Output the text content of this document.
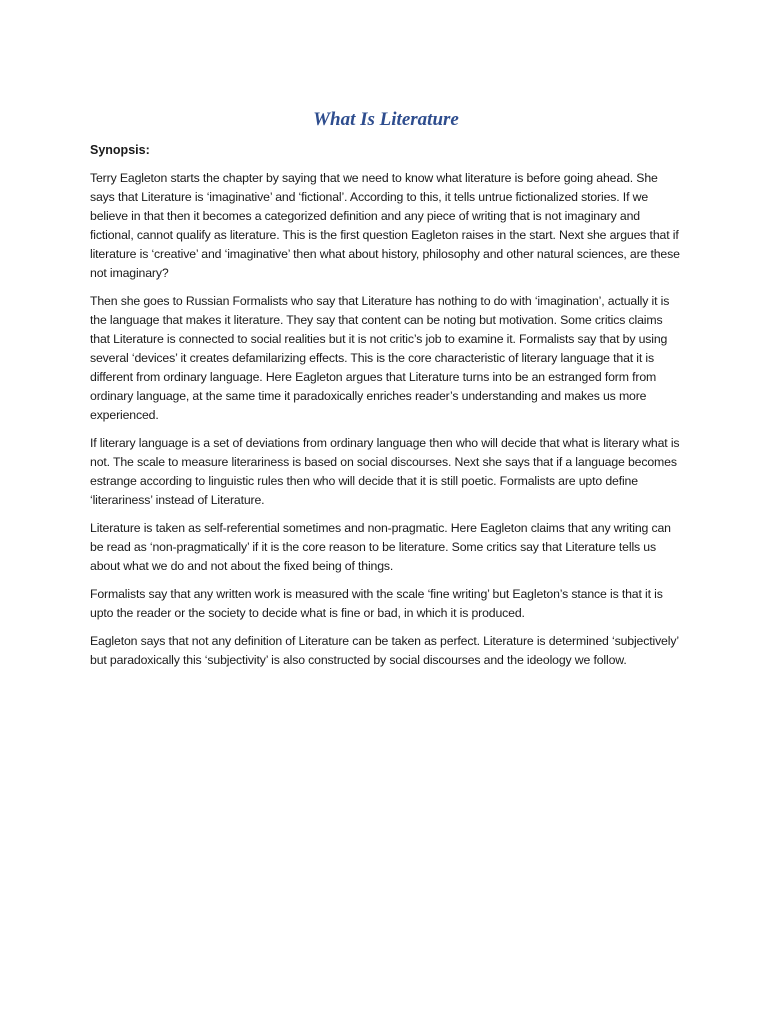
What Is Literature
Synopsis:

Terry Eagleton starts the chapter by saying that we need to know what literature is before going ahead. She says that Literature is ‘imaginative’ and ‘fictional’. According to this, it tells untrue fictionalized stories. If we believe in that then it becomes a categorized definition and any piece of writing that is not imaginary and fictional, cannot qualify as literature. This is the first question Eagleton raises in the start. Next she argues that if literature is ‘creative’ and ‘imaginative’ then what about history, philosophy and other natural sciences, are these not imaginary?

Then she goes to Russian Formalists who say that Literature has nothing to do with ‘imagination’, actually it is the language that makes it literature. They say that content can be noting but motivation. Some critics claims that Literature is connected to social realities but it is not critic’s job to examine it. Formalists say that by using several ‘devices’ it creates defamilarizing effects. This is the core characteristic of literary language that it is different from ordinary language. Here Eagleton argues that Literature turns into be an estranged form from ordinary language, at the same time it paradoxically enriches reader’s understanding and makes us more experienced.

If literary language is a set of deviations from ordinary language then who will decide that what is literary what is not. The scale to measure literariness is based on social discourses. Next she says that if a language becomes estrange according to linguistic rules then who will decide that it is still poetic. Formalists are upto define ‘literariness’ instead of Literature.

Literature is taken as self-referential sometimes and non-pragmatic. Here Eagleton claims that any writing can be read as ‘non-pragmatically’ if it is the core reason to be literature. Some critics say that Literature tells us about what we do and not about the fixed being of things.

Formalists say that any written work is measured with the scale ‘fine writing’ but Eagleton’s stance is that it is upto the reader or the society to decide what is fine or bad, in which it is produced.

Eagleton says that not any definition of Literature can be taken as perfect. Literature is determined ‘subjectively’ but paradoxically this ‘subjectivity’ is also constructed by social discourses and the ideology we follow.
